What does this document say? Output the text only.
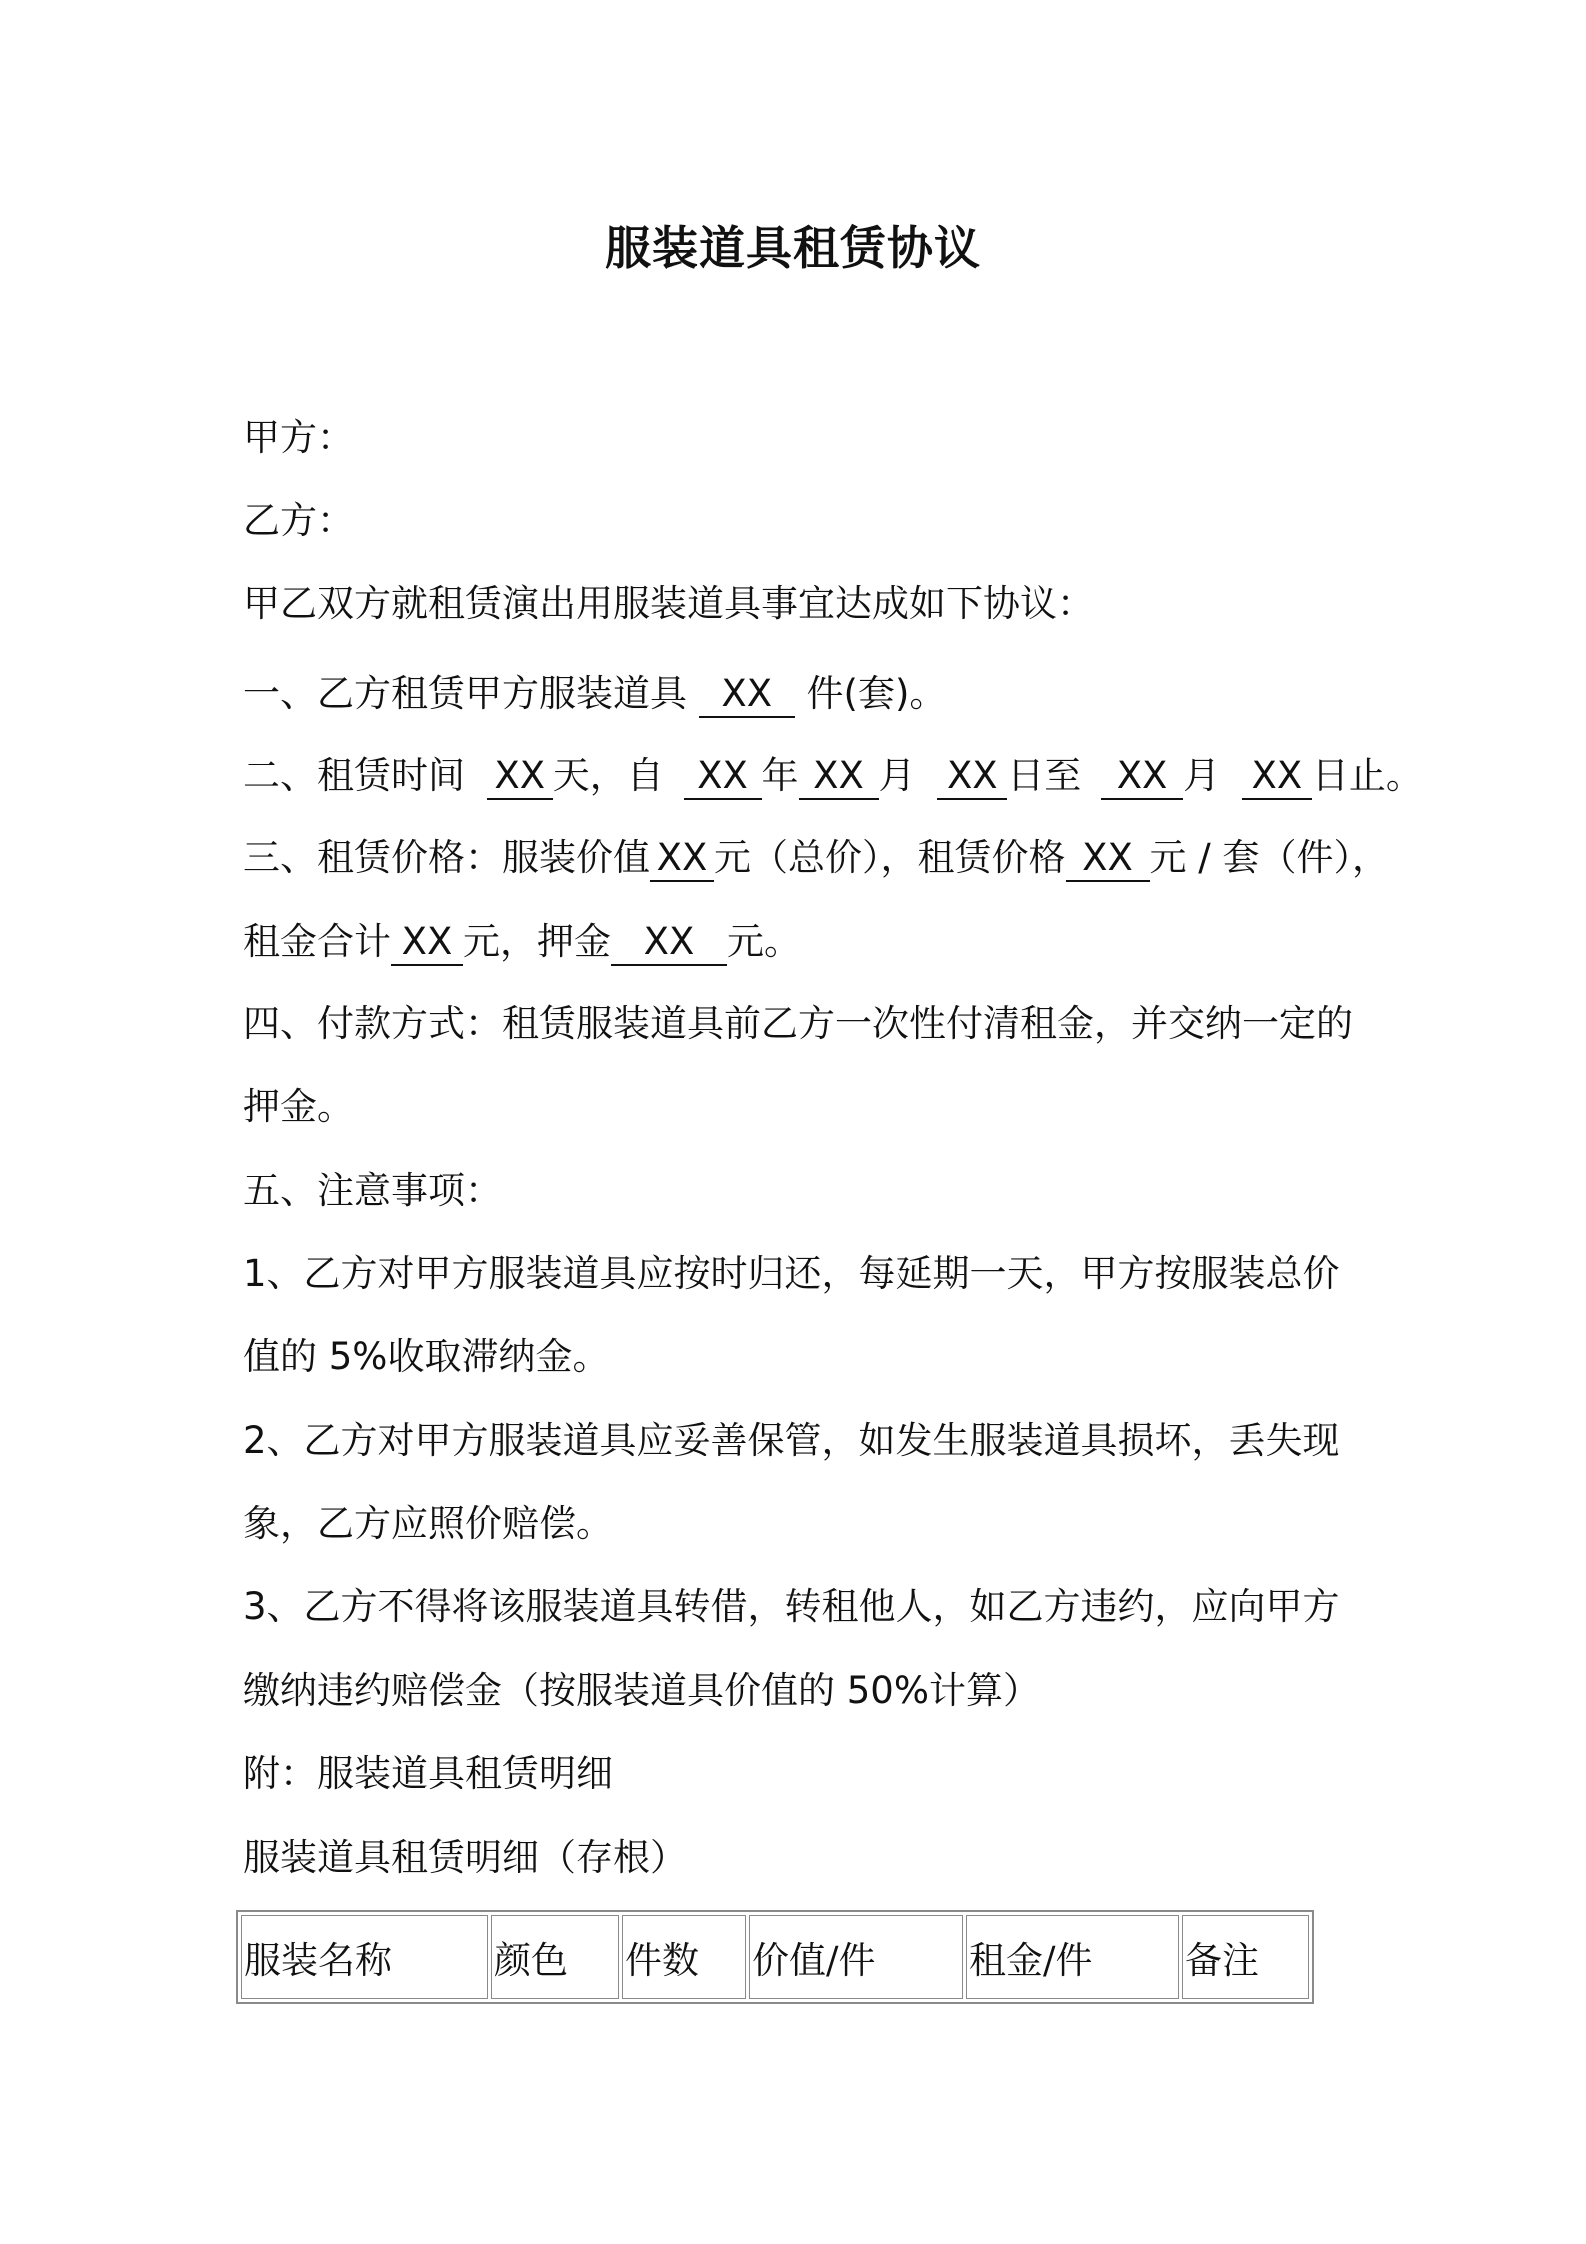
服装道具租赁协议
甲方：
乙方：
甲乙双方就租赁演出用服装道具事宜达成如下协议：
一、乙方租赁甲方服装道具 XX 件(套)。
二、租赁时间 XX 天，自 XX 年 XX 月 XX 日至 XX 月 XX 日止。
三、租赁价格：服装价值 XX 元（总价），租赁价格 XX 元 / 套（件），
租金合计 XX 元，押金 XX 元。
四、付款方式：租赁服装道具前乙方一次性付清租金，并交纳一定的
押金。
五、注意事项：
1、乙方对甲方服装道具应按时归还，每延期一天，甲方按服装总价
值的 5%收取滞纳金。
2、乙方对甲方服装道具应妥善保管，如发生服装道具损坏，丢失现
象，乙方应照价赔偿。
3、乙方不得将该服装道具转借，转租他人，如乙方违约，应向甲方
缴纳违约赔偿金（按服装道具价值的 50%计算）
附：服装道具租赁明细
服装道具租赁明细（存根）
服装名称	颜色	件数	价值/件	租金/件	备注
